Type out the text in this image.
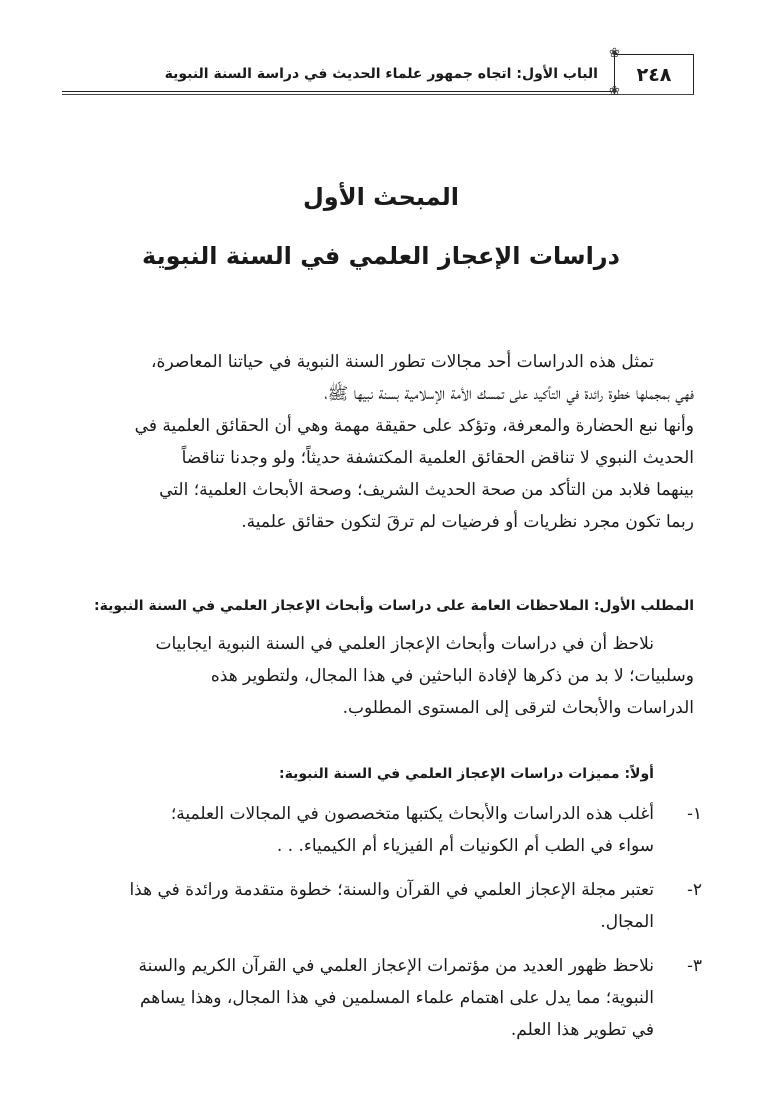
❀
٢٤٨
❀
الباب الأول: اتجاه جمهور علماء الحديث في دراسة السنة النبوية
المبحث الأول
دراسات الإعجاز العلمي في السنة النبوية
تمثل هذه الدراسات أحد مجالات تطور السنة النبوية في حياتنا المعاصرة،
فهي بمجملها خطوة رائدة في التأكيد على تمسك الأمة الإسلامية بسنة نبيها ﷺ،
وأنها نبع الحضارة والمعرفة، وتؤكد على حقيقة مهمة وهي أن الحقائق العلمية في
الحديث النبوي لا تناقض الحقائق العلمية المكتشفة حديثاً؛ ولو وجدنا تناقضاً
بينهما فلابد من التأكد من صحة الحديث الشريف؛ وصحة الأبحاث العلمية؛ التي
ربما تكون مجرد نظريات أو فرضيات لم ترقَ لتكون حقائق علمية.
المطلب الأول: الملاحظات العامة على دراسات وأبحاث الإعجاز العلمي في السنة النبوية:
نلاحظ أن في دراسات وأبحاث الإعجاز العلمي في السنة النبوية ايجابيات
وسلبيات؛ لا بد من ذكرها لإفادة الباحثين في هذا المجال، ولتطوير هذه
الدراسات والأبحاث لترقى إلى المستوى المطلوب.
أولاً: مميزات دراسات الإعجاز العلمي في السنة النبوية:
١-
أغلب هذه الدراسات والأبحاث يكتبها متخصصون في المجالات العلمية؛
سواء في الطب أم الكونيات أم الفيزياء أم الكيمياء. . .
٢-
تعتبر مجلة الإعجاز العلمي في القرآن والسنة؛ خطوة متقدمة ورائدة في هذا
المجال.
٣-
نلاحظ ظهور العديد من مؤتمرات الإعجاز العلمي في القرآن الكريم والسنة
النبوية؛ مما يدل على اهتمام علماء المسلمين في هذا المجال، وهذا يساهم
في تطوير هذا العلم.
